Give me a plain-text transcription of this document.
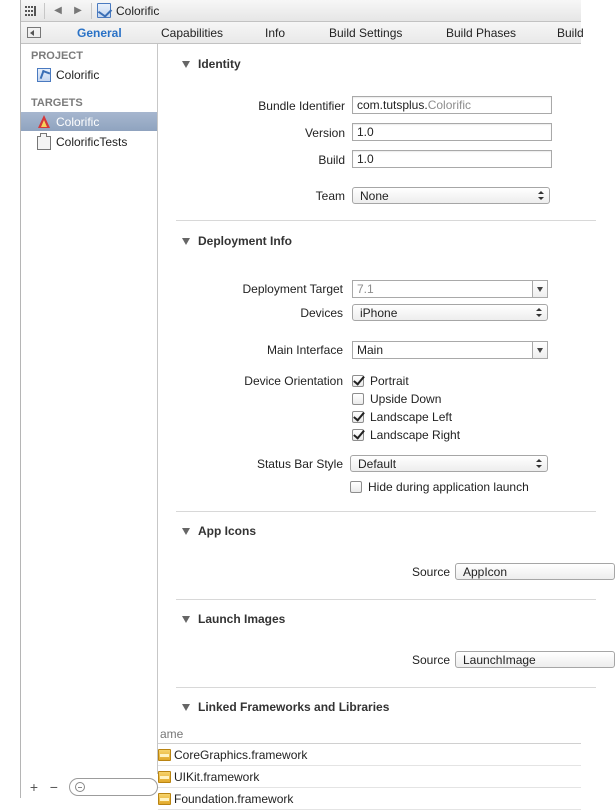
◀	▶	Colorific
General	Capabilities	Info	Build Settings	Build Phases	Build
PROJECT
Colorific
TARGETS
Colorific
ColorificTests
+ −
Identity
Bundle Identifier	com.tutsplus.Colorific
Version	1.0
Build	1.0
Team	None
Deployment Info
Deployment Target	7.1
Devices	iPhone
Main Interface	Main
Device Orientation Portrait
Upside Down
Landscape Left
Landscape Right
Status Bar Style	Default
Hide during application launch
App Icons
Source	AppIcon
Launch Images
Source	LaunchImage
Linked Frameworks and Libraries
ame
CoreGraphics.framework
UIKit.framework
Foundation.framework
